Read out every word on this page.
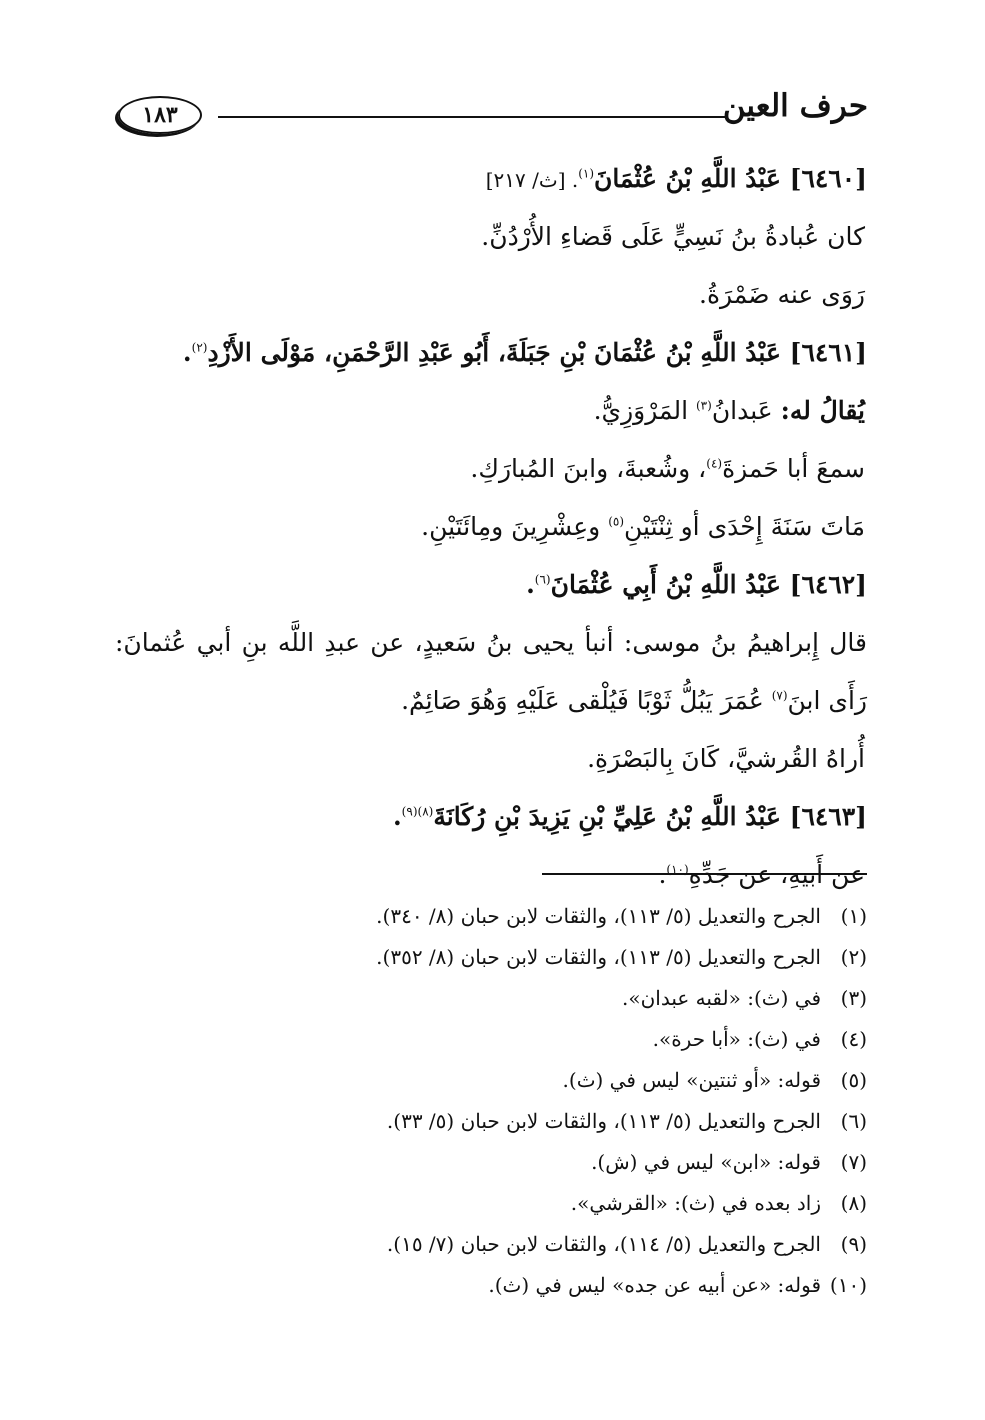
حرف العين
١٨٣
[٦٤٦٠] عَبْدُ اللَّهِ بْنُ عُثْمَانَ$^{(١)}$. [ث/ ٢١٧]
كان عُبادةُ بنُ نَسِيٍّ عَلَى قَضاءِ الأُرْدُنِّ.
رَوَى عنه ضَمْرَةُ.
[٦٤٦١] عَبْدُ اللَّهِ بْنُ عُثْمَانَ بْنِ جَبَلَةَ، أَبُو عَبْدِ الرَّحْمَنِ، مَوْلَى الأَزْدِ$^{(٢)}$.
يُقالُ له: عَبدانُ$^{(٣)}$ المَرْوَزِيُّ.
سمعَ أبا حَمزةَ$^{(٤)}$، وشُعبةَ، وابنَ المُبارَكِ.
مَاتَ سَنَةَ إِحْدَى أو ثِنْتَيْنِ$^{(٥)}$ وعِشْرِينَ ومِائَتَيْنِ.
[٦٤٦٢] عَبْدُ اللَّهِ بْنُ أَبِي عُثْمَانَ$^{(٦)}$.
قال إِبراهيمُ بنُ موسى: أنبأ يحيى بنُ سَعيدٍ، عن عبدِ اللَّه بنِ أبي عُثمانَ:
رَأَى ابنَ$^{(٧)}$ عُمَرَ يَبُلُّ ثَوْبًا فَيُلْقى عَلَيْهِ وَهُوَ صَائِمٌ.
أُراهُ القُرشيَّ، كَانَ بِالبَصْرَةِ.
[٦٤٦٣] عَبْدُ اللَّهِ بْنُ عَلِيِّ بْنِ يَزِيدَ بْنِ رُكَانَةَ$^{(٨)(٩)}$.
عن أَبيهِ، عن جَدِّهِ$^{(١٠)}$.
(١)الجرح والتعديل (٥/ ١١٣)، والثقات لابن حبان (٨/ ٣٤٠).
(٢)الجرح والتعديل (٥/ ١١٣)، والثقات لابن حبان (٨/ ٣٥٢).
(٣)في (ث): «لقبه عبدان».
(٤)في (ث): «أبا حرة».
(٥)قوله: «أو ثنتين» ليس في (ث).
(٦)الجرح والتعديل (٥/ ١١٣)، والثقات لابن حبان (٥/ ٣٣).
(٧)قوله: «ابن» ليس في (ش).
(٨)زاد بعده في (ث): «القرشي».
(٩)الجرح والتعديل (٥/ ١١٤)، والثقات لابن حبان (٧/ ١٥).
(١٠)قوله: «عن أبيه عن جده» ليس في (ث).
